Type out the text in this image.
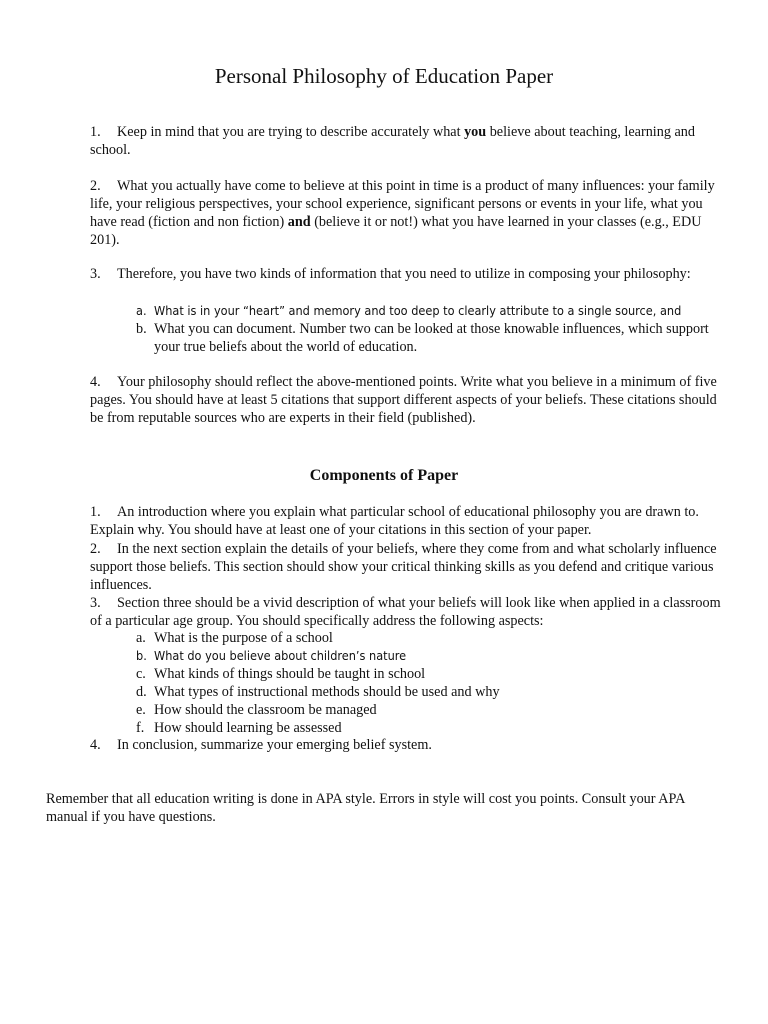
Personal Philosophy of Education Paper
1. Keep in mind that you are trying to describe accurately what you believe about teaching, learning and school.
2. What you actually have come to believe at this point in time is a product of many influences: your family life, your religious perspectives, your school experience, significant persons or events in your life, what you have read (fiction and non fiction) and (believe it or not!) what you have learned in your classes (e.g., EDU 201).
3. Therefore, you have two kinds of information that you need to utilize in composing your philosophy:
a. What is in your “heart” and memory and too deep to clearly attribute to a single source, and
b. What you can document. Number two can be looked at those knowable influences, which support your true beliefs about the world of education.
4. Your philosophy should reflect the above-mentioned points. Write what you believe in a minimum of five pages. You should have at least 5 citations that support different aspects of your beliefs. These citations should be from reputable sources who are experts in their field (published).
Components of Paper
1. An introduction where you explain what particular school of educational philosophy you are drawn to. Explain why. You should have at least one of your citations in this section of your paper.
2. In the next section explain the details of your beliefs, where they come from and what scholarly influence support those beliefs. This section should show your critical thinking skills as you defend and critique various influences.
3. Section three should be a vivid description of what your beliefs will look like when applied in a classroom of a particular age group. You should specifically address the following aspects:
a. What is the purpose of a school
b. What do you believe about children’s nature
c. What kinds of things should be taught in school
d. What types of instructional methods should be used and why
e. How should the classroom be managed
f. How should learning be assessed
4. In conclusion, summarize your emerging belief system.
Remember that all education writing is done in APA style. Errors in style will cost you points. Consult your APA manual if you have questions.
